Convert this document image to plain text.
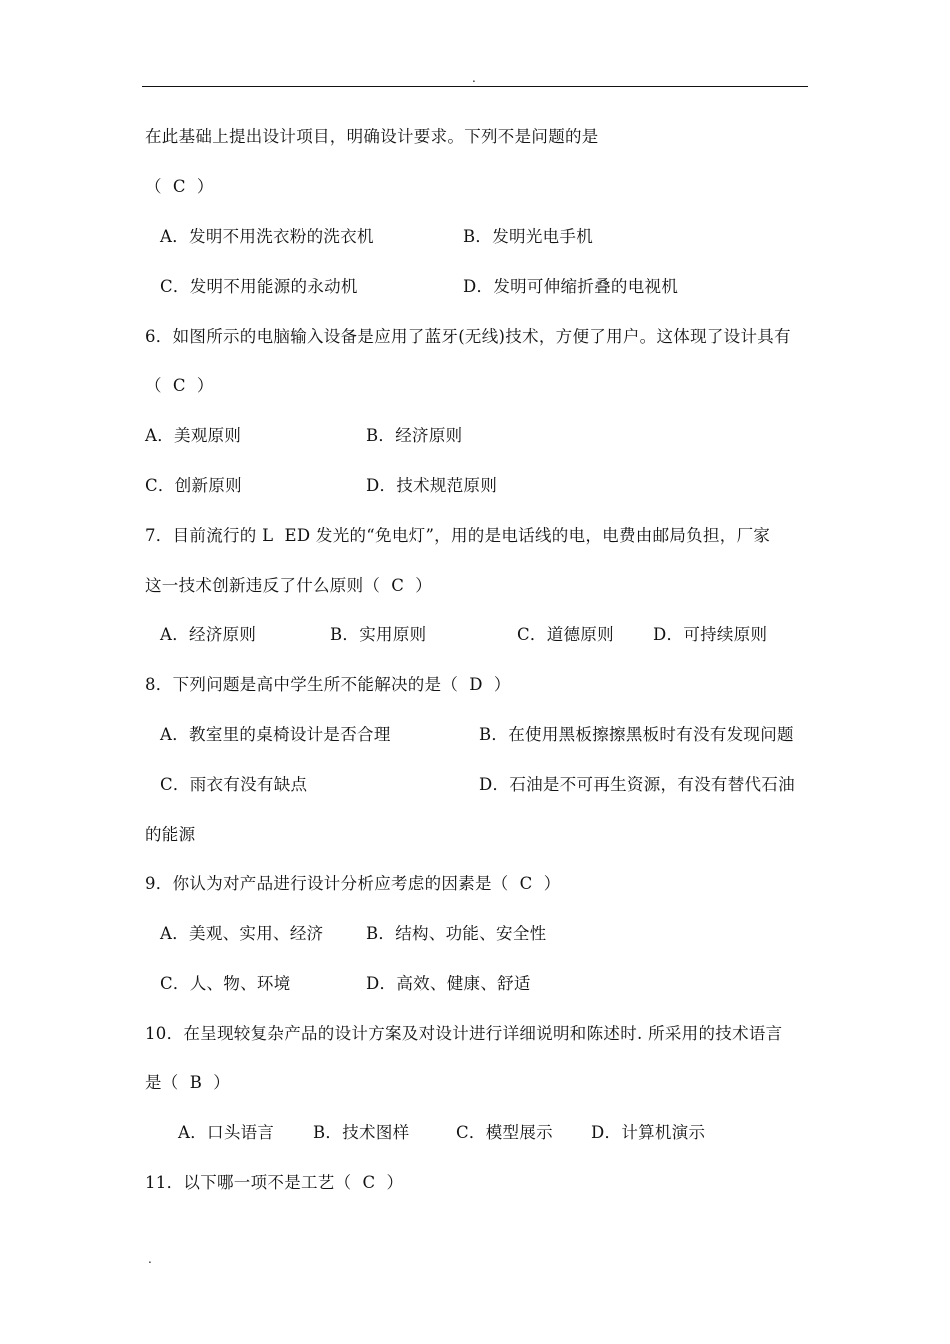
.
在此基础上提出设计项目，明确设计要求。下列不是问题的是
（  C  ）
A．发明不用洗衣粉的洗衣机	B．发明光电手机
C．发明不用能源的永动机	D．发明可伸缩折叠的电视机
6．如图所示的电脑输入设备是应用了蓝牙(无线)技术，方便了用户。这体现了设计具有
（  C  ）
A．美观原则	B．经济原则
C．创新原则	D．技术规范原则
7．目前流行的 L  ED 发光的“免电灯”，用的是电话线的电，电费由邮局负担，厂家
这一技术创新违反了什么原则（  C  ）
A．经济原则	B．实用原则	C．道德原则 D．可持续原则
8．下列问题是高中学生所不能解决的是（  D  ）
A．教室里的桌椅设计是否合理	B．在使用黑板擦擦黑板时有没有发现问题
C．雨衣有没有缺点	D．石油是不可再生资源，有没有替代石油
的能源
9．你认为对产品进行设计分析应考虑的因素是（  C  ）
A．美观、实用、经济	B．结构、功能、安全性
C．人、物、环境	D．高效、健康、舒适
10．在呈现较复杂产品的设计方案及对设计进行详细说明和陈述时. 所采用的技术语言
是（  B  ）
A．口头语言 B．技术图样	C．模型展示 D．计算机演示
11．以下哪一项不是工艺（  C  ）
.
